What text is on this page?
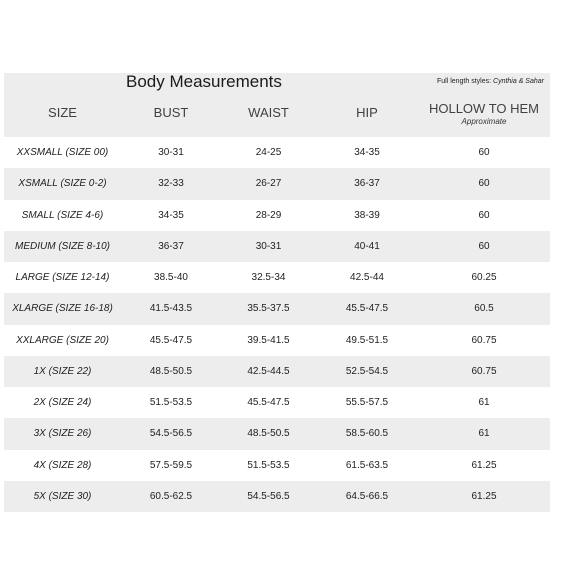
Body Measurements	Full length styles: Cynthia & Sahar
SIZE	BUST	WAIST	HIP	HOLLOW TO HEM
Approximate
XXSMALL (SIZE 00)	30-31	24-25	34-35	60
XSMALL (SIZE 0-2)	32-33	26-27	36-37	60
SMALL (SIZE 4-6)	34-35	28-29	38-39	60
MEDIUM (SIZE 8-10)	36-37	30-31	40-41	60
LARGE (SIZE 12-14)	38.5-40	32.5-34	42.5-44	60.25
XLARGE (SIZE 16-18)	41.5-43.5	35.5-37.5	45.5-47.5	60.5
XXLARGE (SIZE 20)	45.5-47.5	39.5-41.5	49.5-51.5	60.75
1X (SIZE 22)	48.5-50.5	42.5-44.5	52.5-54.5	60.75
2X (SIZE 24)	51.5-53.5	45.5-47.5	55.5-57.5	61
3X (SIZE 26)	54.5-56.5	48.5-50.5	58.5-60.5	61
4X (SIZE 28)	57.5-59.5	51.5-53.5	61.5-63.5	61.25
5X (SIZE 30)	60.5-62.5	54.5-56.5	64.5-66.5	61.25
